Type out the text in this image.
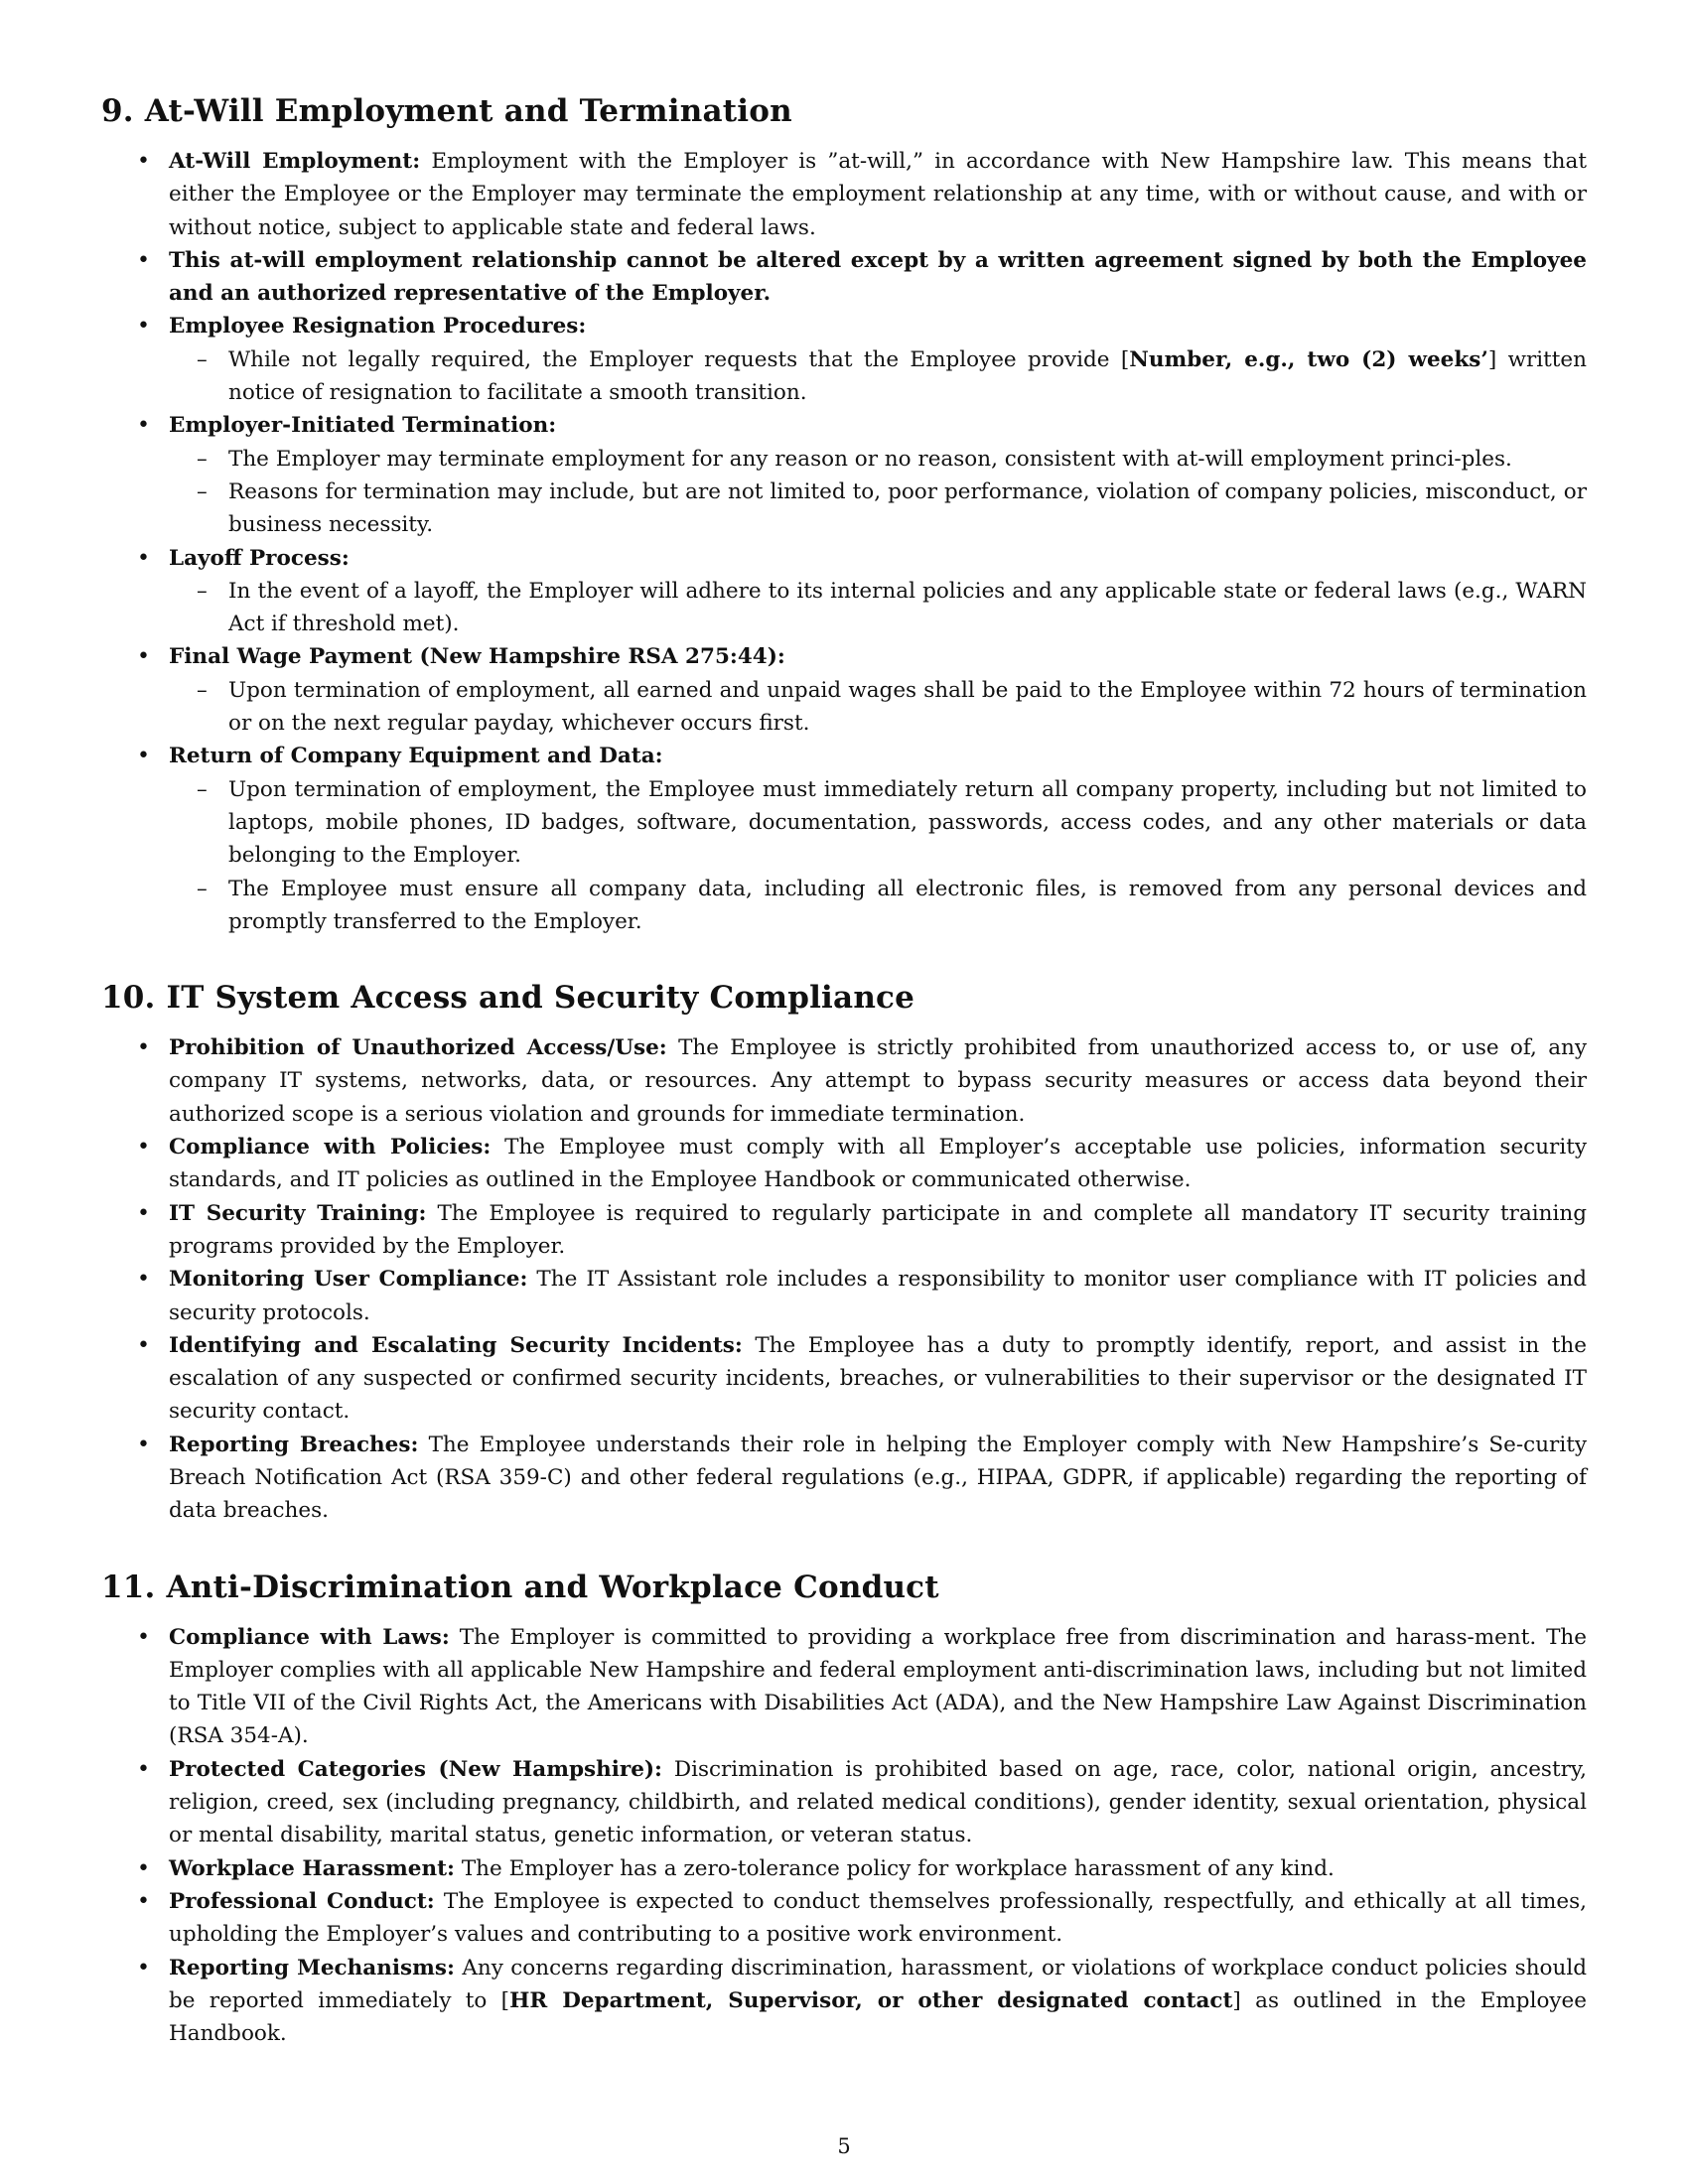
9. At-Will Employment and Termination
• At-Will Employment: Employment with the Employer is ”at-will,” in accordance with New Hampshire law. This means that either the Employee or the Employer may terminate the employment relationship at any time, with or without cause, and with or without notice, subject to applicable state and federal laws.
• This at-will employment relationship cannot be altered except by a written agreement signed by both the Employee and an authorized representative of the Employer.
• Employee Resignation Procedures:
– While not legally required, the Employer requests that the Employee provide [Number, e.g., two (2) weeks’] written notice of resignation to facilitate a smooth transition.
• Employer-Initiated Termination:
– The Employer may terminate employment for any reason or no reason, consistent with at-will employment princi-ples.
– Reasons for termination may include, but are not limited to, poor performance, violation of company policies, misconduct, or business necessity.
• Layoff Process:
– In the event of a layoff, the Employer will adhere to its internal policies and any applicable state or federal laws (e.g., WARN Act if threshold met).
• Final Wage Payment (New Hampshire RSA 275:44):
– Upon termination of employment, all earned and unpaid wages shall be paid to the Employee within 72 hours of termination or on the next regular payday, whichever occurs first.
• Return of Company Equipment and Data:
– Upon termination of employment, the Employee must immediately return all company property, including but not limited to laptops, mobile phones, ID badges, software, documentation, passwords, access codes, and any other materials or data belonging to the Employer.
– The Employee must ensure all company data, including all electronic files, is removed from any personal devices and promptly transferred to the Employer.
10. IT System Access and Security Compliance
• Prohibition of Unauthorized Access/Use: The Employee is strictly prohibited from unauthorized access to, or use of, any company IT systems, networks, data, or resources. Any attempt to bypass security measures or access data beyond their authorized scope is a serious violation and grounds for immediate termination.
• Compliance with Policies: The Employee must comply with all Employer’s acceptable use policies, information security standards, and IT policies as outlined in the Employee Handbook or communicated otherwise.
• IT Security Training: The Employee is required to regularly participate in and complete all mandatory IT security training programs provided by the Employer.
• Monitoring User Compliance: The IT Assistant role includes a responsibility to monitor user compliance with IT policies and security protocols.
• Identifying and Escalating Security Incidents: The Employee has a duty to promptly identify, report, and assist in the escalation of any suspected or confirmed security incidents, breaches, or vulnerabilities to their supervisor or the designated IT security contact.
• Reporting Breaches: The Employee understands their role in helping the Employer comply with New Hampshire’s Se-curity Breach Notification Act (RSA 359-C) and other federal regulations (e.g., HIPAA, GDPR, if applicable) regarding the reporting of data breaches.
11. Anti-Discrimination and Workplace Conduct
• Compliance with Laws: The Employer is committed to providing a workplace free from discrimination and harass-ment. The Employer complies with all applicable New Hampshire and federal employment anti-discrimination laws, including but not limited to Title VII of the Civil Rights Act, the Americans with Disabilities Act (ADA), and the New Hampshire Law Against Discrimination (RSA 354-A).
• Protected Categories (New Hampshire): Discrimination is prohibited based on age, race, color, national origin, ancestry, religion, creed, sex (including pregnancy, childbirth, and related medical conditions), gender identity, sexual orientation, physical or mental disability, marital status, genetic information, or veteran status.
• Workplace Harassment: The Employer has a zero-tolerance policy for workplace harassment of any kind.
• Professional Conduct: The Employee is expected to conduct themselves professionally, respectfully, and ethically at all times, upholding the Employer’s values and contributing to a positive work environment.
• Reporting Mechanisms: Any concerns regarding discrimination, harassment, or violations of workplace conduct policies should be reported immediately to [HR Department, Supervisor, or other designated contact] as outlined in the Employee Handbook.
5
